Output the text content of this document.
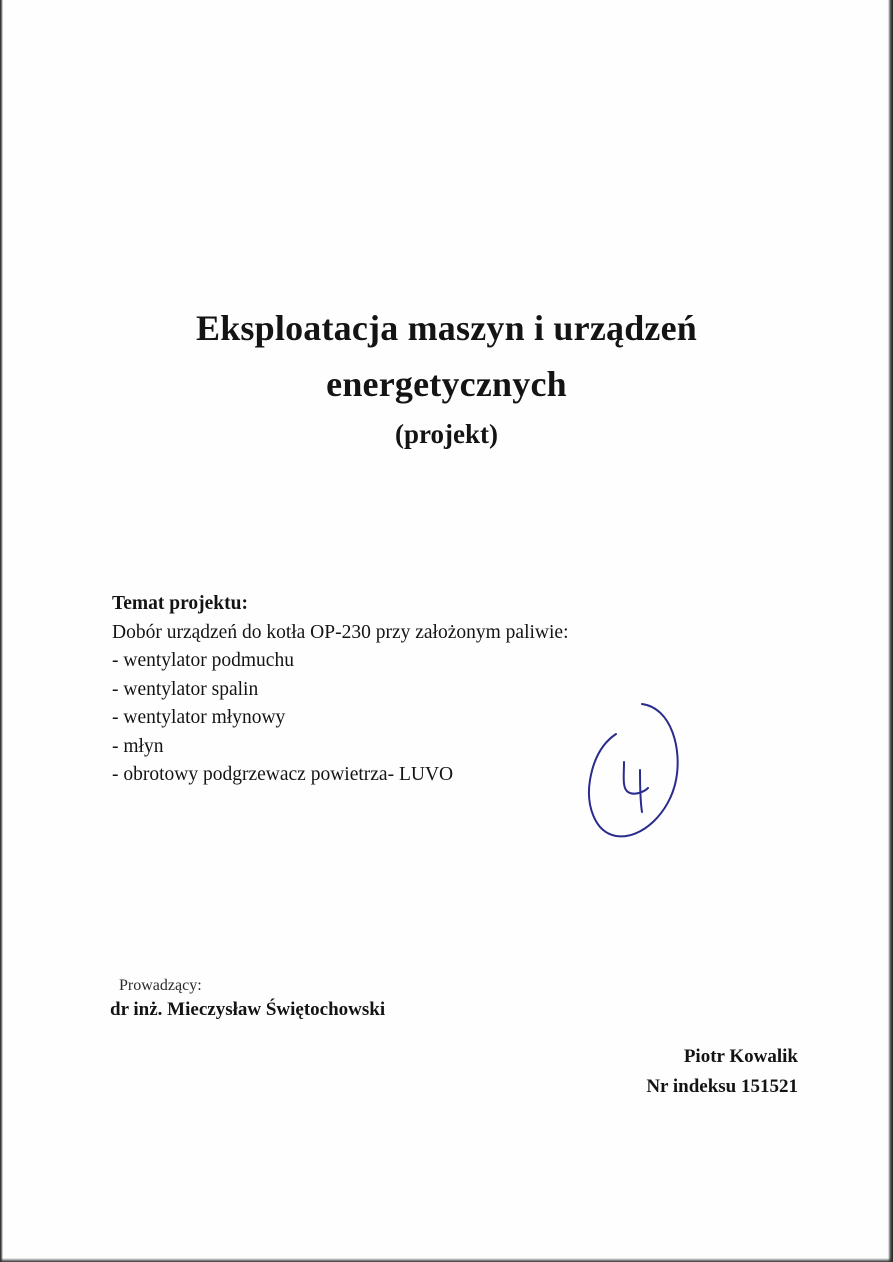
Eksploatacja maszyn i urządzeń
energetycznych
(projekt)
Temat projektu:
Dobór urządzeń do kotła OP-230 przy założonym paliwie:
- wentylator podmuchu
- wentylator spalin
- wentylator młynowy
- młyn
- obrotowy podgrzewacz powietrza- LUVO
Prowadzący:
dr inż. Mieczysław Świętochowski
Piotr Kowalik
Nr indeksu 151521
